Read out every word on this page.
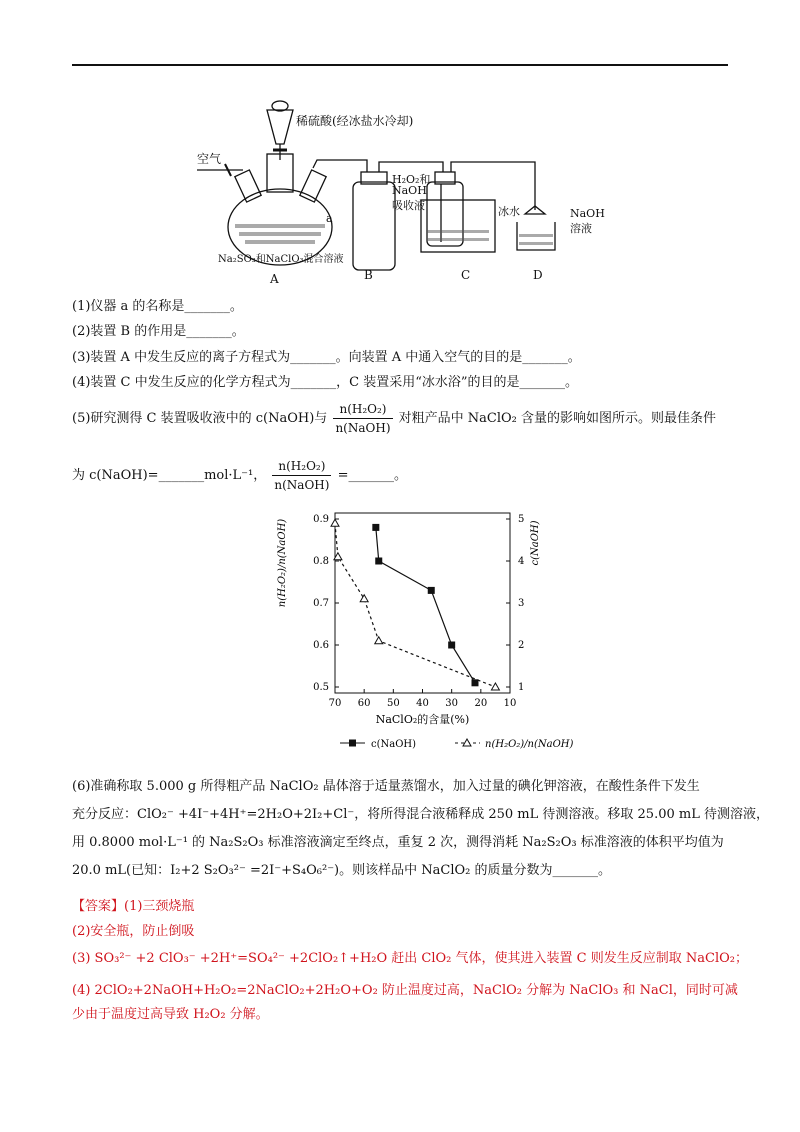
稀硫酸(经冰盐水冷却)
空气
a
H₂O₂和
NaOH
吸收液	冰水	NaOH
溶液
Na₂SO₃和NaClO₃混合溶液
A	B	C	D
(1)仪器 a 的名称是_______。
(2)装置 B 的作用是_______。
(3)装置 A 中发生反应的离子方程式为_______。向装置 A 中通入空气的目的是_______。
(4)装置 C 中发生反应的化学方程式为_______，C 装置采用“冰水浴”的目的是_______。
(5)研究测得 C 装置吸收液中的 c(NaOH)与 $\frac{\text{n(H₂O₂)}}{\text{n(NaOH)}}$ 对粗产品中 NaClO₂ 含量的影响如图所示。则最佳条件
为 c(NaOH)=_______mol·L⁻¹， $\frac{\text{n(H₂O₂)}}{\text{n(NaOH)}}$ =_______。
70 60 50 40 30 20 10
0.5
0.6
0.7
0.8
0.9
1
2
3
4
5
NaClO₂的含量(%)
n(H₂O₂)/n(NaOH)	c(NaOH)
c(NaOH)	n(H₂O₂)/n(NaOH)
(6)准确称取 5.000 g 所得粗产品 NaClO₂ 晶体溶于适量蒸馏水，加入过量的碘化钾溶液，在酸性条件下发生
充分反应：ClO₂⁻ +4I⁻+4H⁺=2H₂O+2I₂+Cl⁻，将所得混合液稀释成 250 mL 待测溶液。移取 25.00 mL 待测溶液，
用 0.8000 mol·L⁻¹ 的 Na₂S₂O₃ 标准溶液滴定至终点，重复 2 次，测得消耗 Na₂S₂O₃ 标准溶液的体积平均值为
20.0 mL(已知：I₂+2 S₂O₃²⁻ =2I⁻+S₄O₆²⁻)。则该样品中 NaClO₂ 的质量分数为_______。
【答案】(1)三颈烧瓶
(2)安全瓶，防止倒吸
(3) SO₃²⁻ +2 ClO₃⁻ +2H⁺=SO₄²⁻ +2ClO₂↑+H₂O 赶出 ClO₂ 气体，使其进入装置 C 则发生反应制取 NaClO₂；
(4) 2ClO₂+2NaOH+H₂O₂=2NaClO₂+2H₂O+O₂ 防止温度过高，NaClO₂ 分解为 NaClO₃ 和 NaCl，同时可减
少由于温度过高导致 H₂O₂ 分解。
